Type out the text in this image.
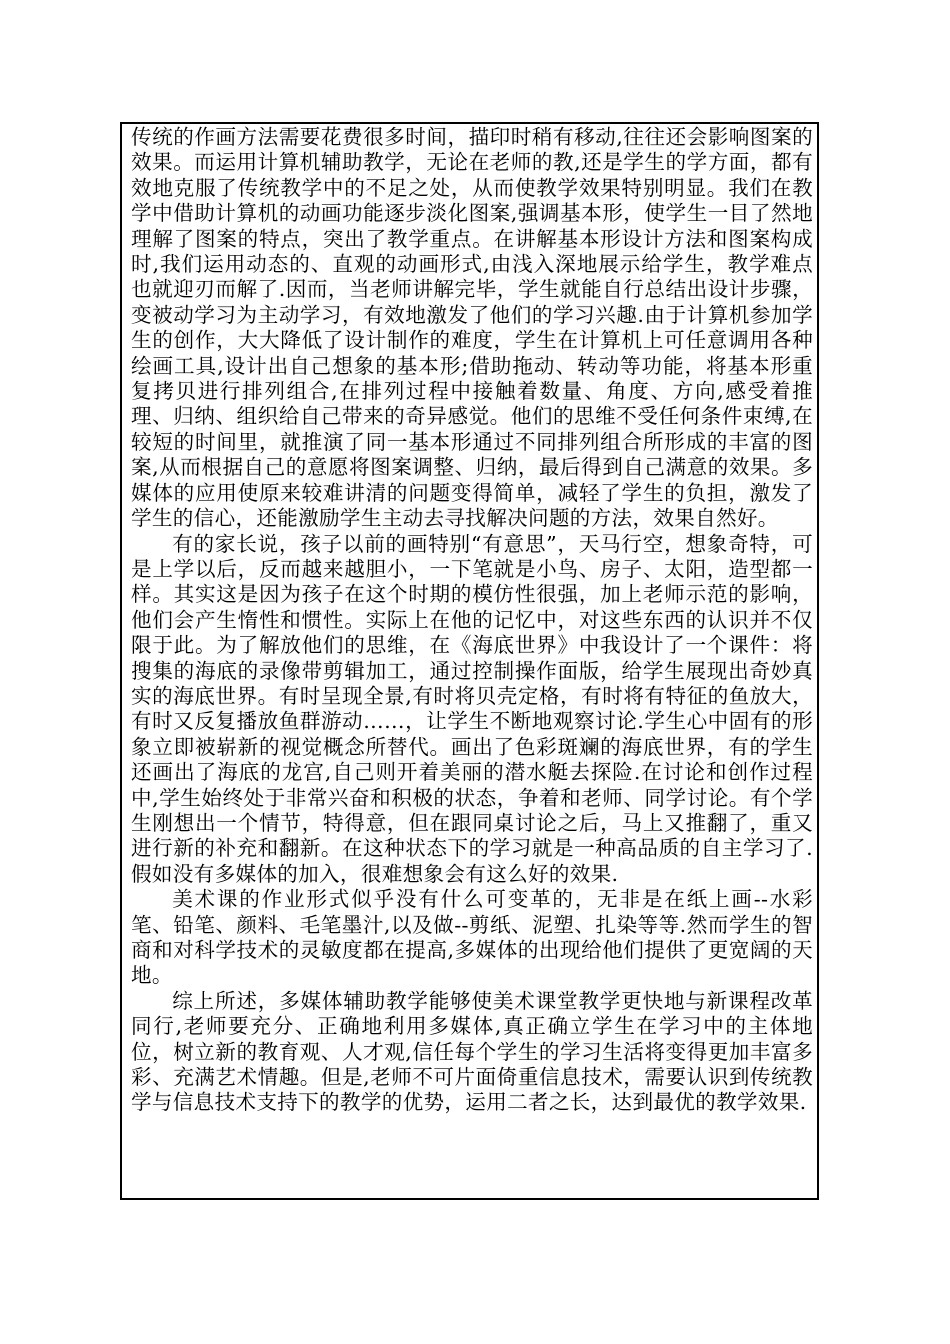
传统的作画方法需要花费很多时间，描印时稍有移动,往往还会影响图案的效果。而运用计算机辅助教学，无论在老师的教,还是学生的学方面，都有效地克服了传统教学中的不足之处，从而使教学效果特别明显。我们在教学中借助计算机的动画功能逐步淡化图案,强调基本形，使学生一目了然地理解了图案的特点，突出了教学重点。在讲解基本形设计方法和图案构成时,我们运用动态的、直观的动画形式,由浅入深地展示给学生，教学难点也就迎刃而解了.因而，当老师讲解完毕，学生就能自行总结出设计步骤，变被动学习为主动学习，有效地激发了他们的学习兴趣.由于计算机参加学生的创作，大大降低了设计制作的难度，学生在计算机上可任意调用各种绘画工具,设计出自己想象的基本形;借助拖动、转动等功能，将基本形重复拷贝进行排列组合,在排列过程中接触着数量、角度、方向,感受着推理、归纳、组织给自己带来的奇异感觉。他们的思维不受任何条件束缚,在较短的时间里，就推演了同一基本形通过不同排列组合所形成的丰富的图案,从而根据自己的意愿将图案调整、归纳，最后得到自己满意的效果。多媒体的应用使原来较难讲清的问题变得简单，减轻了学生的负担，激发了学生的信心，还能激励学生主动去寻找解决问题的方法，效果自然好。

有的家长说，孩子以前的画特别“有意思”，天马行空，想象奇特，可是上学以后，反而越来越胆小，一下笔就是小鸟、房子、太阳，造型都一样。其实这是因为孩子在这个时期的模仿性很强，加上老师示范的影响，他们会产生惰性和惯性。实际上在他的记忆中，对这些东西的认识并不仅限于此。为了解放他们的思维，在《海底世界》中我设计了一个课件：将搜集的海底的录像带剪辑加工，通过控制操作面版，给学生展现出奇妙真实的海底世界。有时呈现全景,有时将贝壳定格，有时将有特征的鱼放大，有时又反复播放鱼群游动……，让学生不断地观察讨论.学生心中固有的形象立即被崭新的视觉概念所替代。画出了色彩斑斓的海底世界，有的学生还画出了海底的龙宫,自己则开着美丽的潜水艇去探险.在讨论和创作过程中,学生始终处于非常兴奋和积极的状态，争着和老师、同学讨论。有个学生刚想出一个情节，特得意，但在跟同桌讨论之后，马上又推翻了，重又进行新的补充和翻新。在这种状态下的学习就是一种高品质的自主学习了.假如没有多媒体的加入，很难想象会有这么好的效果.

美术课的作业形式似乎没有什么可变革的，无非是在纸上画--水彩笔、铅笔、颜料、毛笔墨汁,以及做--剪纸、泥塑、扎染等等.然而学生的智商和对科学技术的灵敏度都在提高,多媒体的出现给他们提供了更宽阔的天地。

综上所述，多媒体辅助教学能够使美术课堂教学更快地与新课程改革同行,老师要充分、正确地利用多媒体,真正确立学生在学习中的主体地位，树立新的教育观、人才观,信任每个学生的学习生活将变得更加丰富多彩、充满艺术情趣。但是,老师不可片面倚重信息技术，需要认识到传统教学与信息技术支持下的教学的优势，运用二者之长，达到最优的教学效果.
